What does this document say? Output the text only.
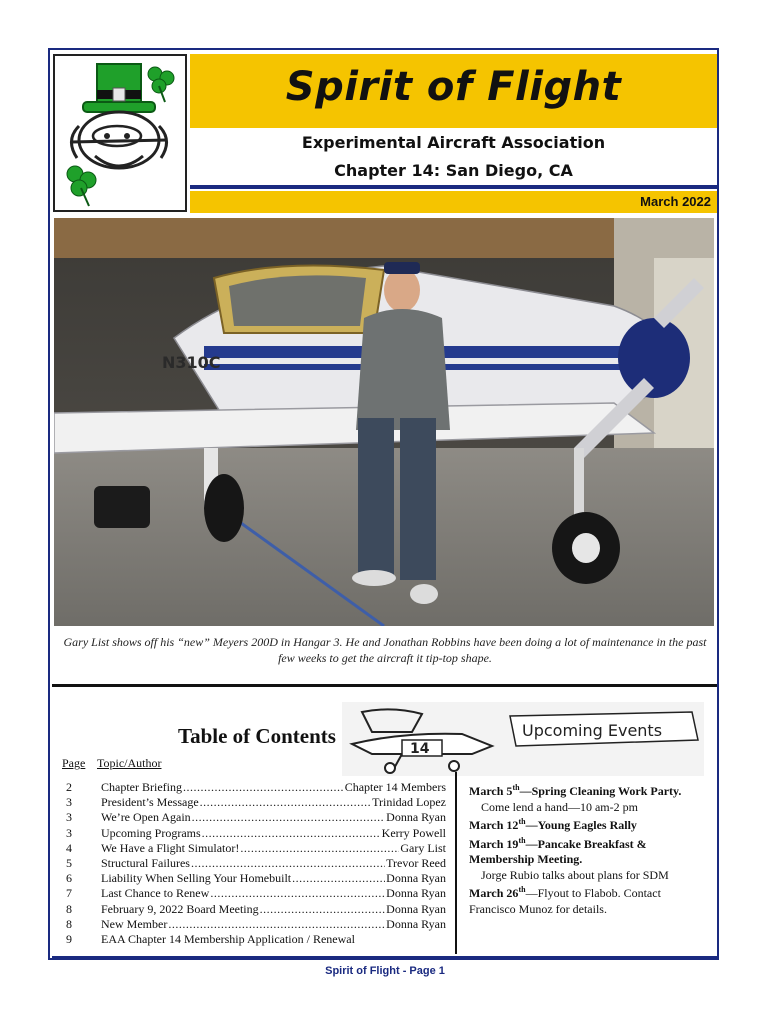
Spirit of Flight
Experimental Aircraft Association
Chapter 14: San Diego, CA
March 2022
N310C
Gary List shows off his “new” Meyers 200D in Hangar 3. He and Jonathan Robbins have been doing a lot of maintenance in the past few weeks to get the aircraft it tip-top shape.
Table of Contents
14
Upcoming Events
Page Topic/Author
2	Chapter Briefing .....	Chapter 14 Members
3	President’s Message .....	Trinidad Lopez
3	We’re Open Again .....	Donna Ryan
3	Upcoming Programs .....	Kerry Powell
4	We Have a Flight Simulator! .....	Gary List
5	Structural Failures .....	Trevor Reed
6	Liability When Selling Your Homebuilt .....	Donna Ryan
7	Last Chance to Renew .....	Donna Ryan
8	February 9, 2022 Board Meeting .....	Donna Ryan
8	New Member .....	Donna Ryan
9	EAA Chapter 14 Membership Application / Renewal
March 5th—Spring Cleaning Work Party.
Come lend a hand—10 am-2 pm
March 12th—Young Eagles Rally
March 19th—Pancake Breakfast & Membership Meeting.
Jorge Rubio talks about plans for SDM
March 26th—Flyout to Flabob. Contact Francisco Munoz for details.
Spirit of Flight - Page 1
